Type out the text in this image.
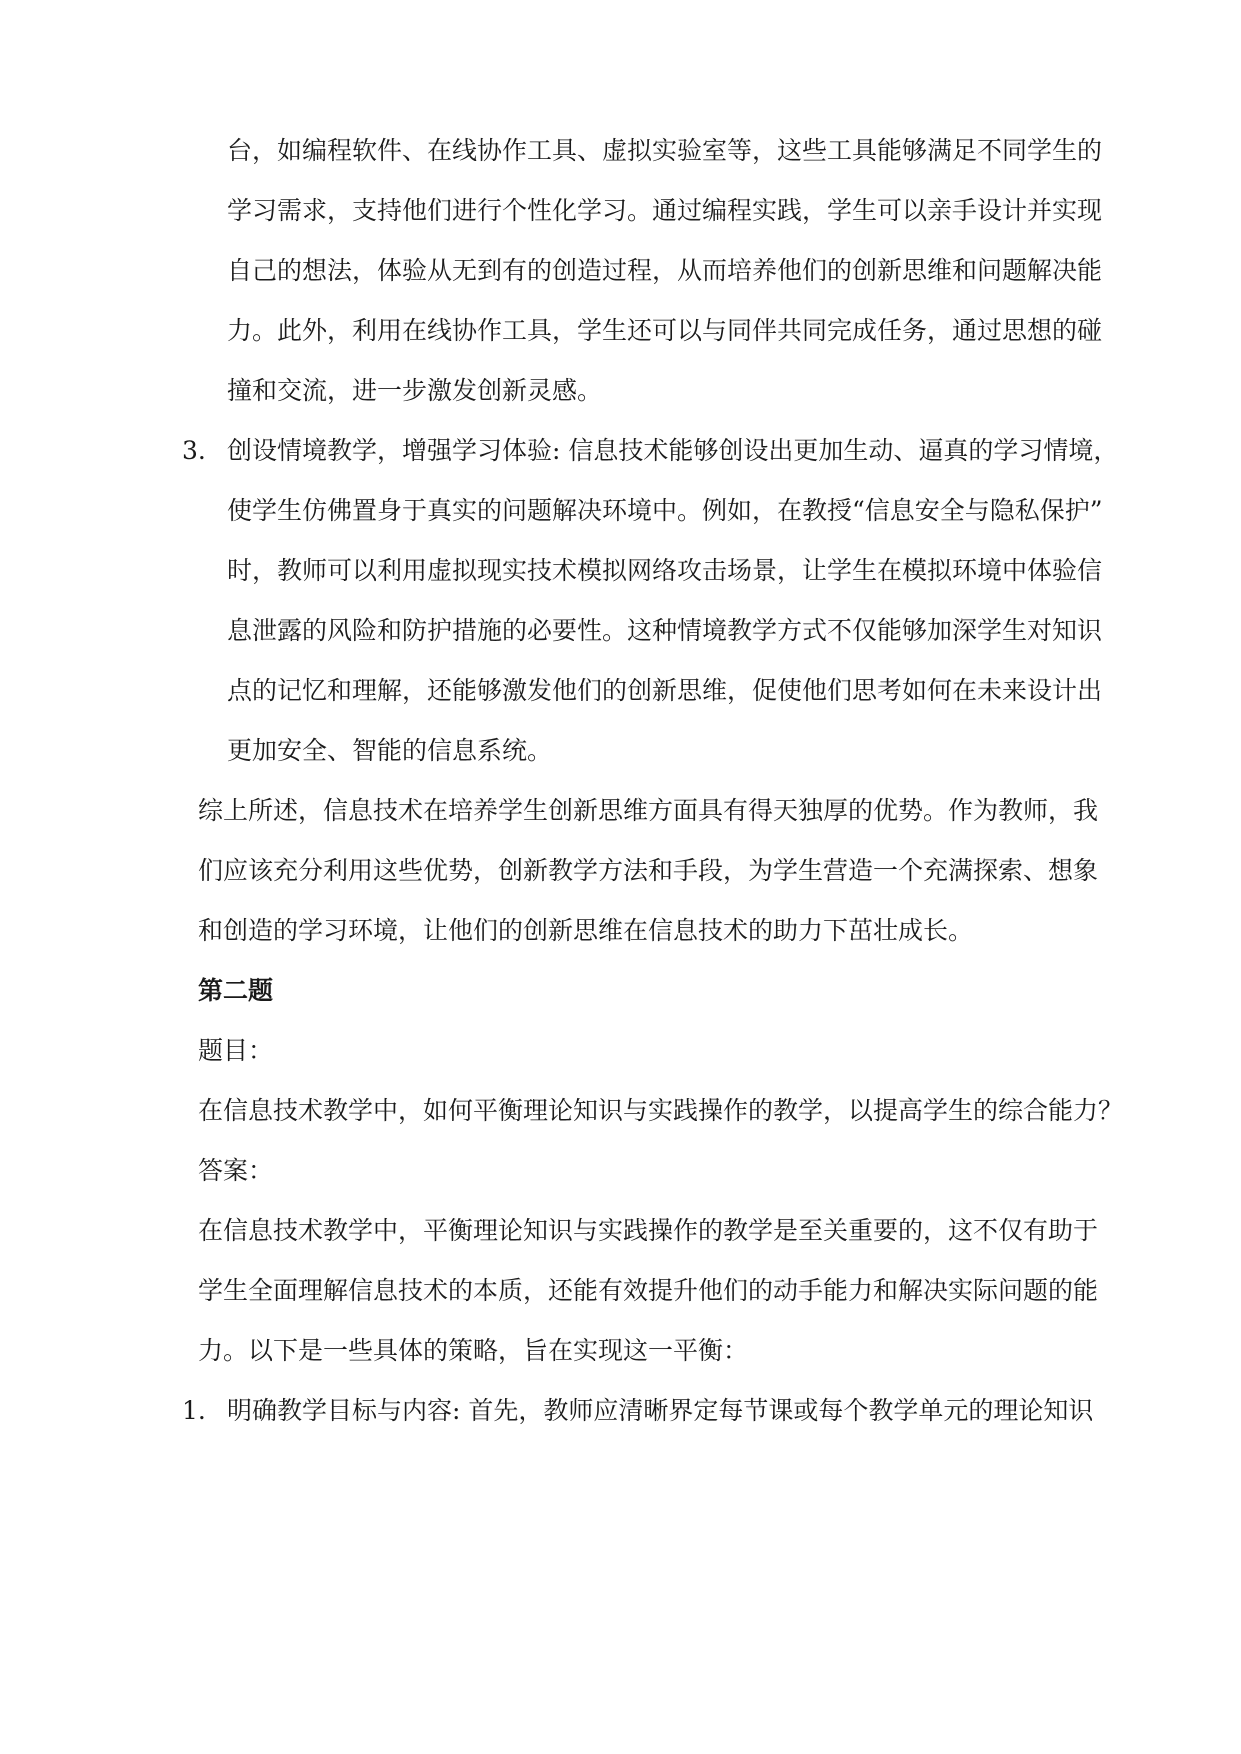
台，如编程软件、在线协作工具、虚拟实验室等，这些工具能够满足不同学生的
学习需求，支持他们进行个性化学习。通过编程实践，学生可以亲手设计并实现
自己的想法，体验从无到有的创造过程，从而培养他们的创新思维和问题解决能
力。此外，利用在线协作工具，学生还可以与同伴共同完成任务，通过思想的碰
撞和交流，进一步激发创新灵感。
3. 创设情境教学，增强学习体验: 信息技术能够创设出更加生动、逼真的学习情境，
使学生仿佛置身于真实的问题解决环境中。例如，在教授“信息安全与隐私保护”
时，教师可以利用虚拟现实技术模拟网络攻击场景，让学生在模拟环境中体验信
息泄露的风险和防护措施的必要性。这种情境教学方式不仅能够加深学生对知识
点的记忆和理解，还能够激发他们的创新思维，促使他们思考如何在未来设计出
更加安全、智能的信息系统。
综上所述，信息技术在培养学生创新思维方面具有得天独厚的优势。作为教师，我
们应该充分利用这些优势，创新教学方法和手段，为学生营造一个充满探索、想象
和创造的学习环境，让他们的创新思维在信息技术的助力下茁壮成长。
第二题
题目：
在信息技术教学中，如何平衡理论知识与实践操作的教学，以提高学生的综合能力？
答案：
在信息技术教学中，平衡理论知识与实践操作的教学是至关重要的，这不仅有助于
学生全面理解信息技术的本质，还能有效提升他们的动手能力和解决实际问题的能
力。以下是一些具体的策略，旨在实现这一平衡：
1. 明确教学目标与内容: 首先，教师应清晰界定每节课或每个教学单元的理论知识
